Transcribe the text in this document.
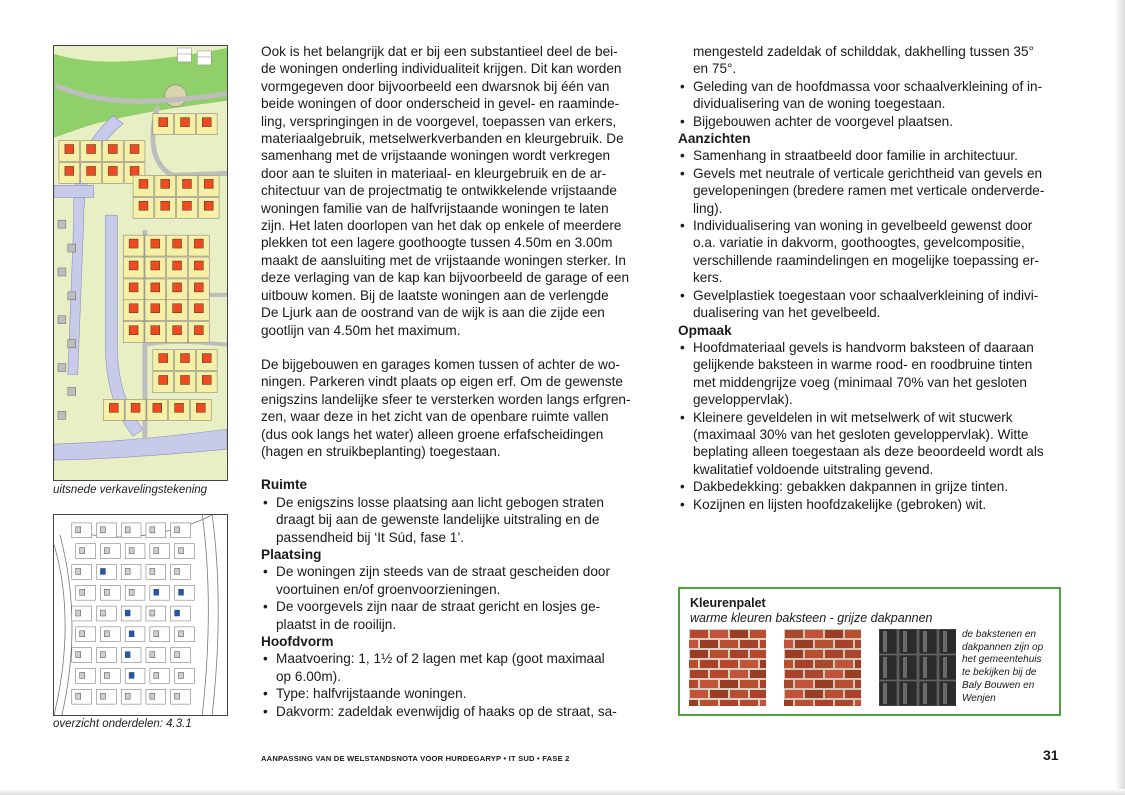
uitsnede verkavelingstekening
overzicht onderdelen: 4.3.1

Ook is het belangrijk dat er bij een substantieel deel de bei-
de woningen onderling individualiteit krijgen. Dit kan worden
vormgegeven door bijvoorbeeld een dwarsnok bij één van
beide woningen of door onderscheid in gevel- en raaminde-
ling, verspringingen in de voorgevel, toepassen van erkers,
materiaalgebruik, metselwerkverbanden en kleurgebruik. De
samenhang met de vrijstaande woningen wordt verkregen
door aan te sluiten in materiaal- en kleurgebruik en de ar-
chitectuur van de projectmatig te ontwikkelende vrijstaande
woningen familie van de halfvrijstaande woningen te laten
zijn. Het laten doorlopen van het dak op enkele of meerdere
plekken tot een lagere goothoogte tussen 4.50m en 3.00m
maakt de aansluiting met de vrijstaande woningen sterker. In
deze verlaging van de kap kan bijvoorbeeld de garage of een
uitbouw komen. Bij de laatste woningen aan de verlengde
De Ljurk aan de oostrand van de wijk is aan die zijde een
gootlijn van 4.50m het maximum.

De bijgebouwen en garages komen tussen of achter de wo-
ningen. Parkeren vindt plaats op eigen erf. Om de gewenste
enigszins landelijke sfeer te versterken worden langs erfgren-
zen, waar deze in het zicht van de openbare ruimte vallen
(dus ook langs het water) alleen groene erfafscheidingen
(hagen en struikbeplanting) toegestaan.

Ruimte
• De enigszins losse plaatsing aan licht gebogen straten
draagt bij aan de gewenste landelijke uitstraling en de
passendheid bij ‘It Súd, fase 1’.
Plaatsing
• De woningen zijn steeds van de straat gescheiden door
voortuinen en/of groenvoorzieningen.
• De voorgevels zijn naar de straat gericht en losjes ge-
plaatst in de rooilijn.
Hoofdvorm
• Maatvoering: 1, 1½ of 2 lagen met kap (goot maximaal
op 6.00m).
• Type: halfvrijstaande woningen.
• Dakvorm: zadeldak evenwijdig of haaks op de straat, sa-
mengesteld zadeldak of schilddak, dakhelling tussen 35°
en 75°.
• Geleding van de hoofdmassa voor schaalverkleining of in-
dividualisering van de woning toegestaan.
• Bijgebouwen achter de voorgevel plaatsen.
Aanzichten
• Samenhang in straatbeeld door familie in architectuur.
• Gevels met neutrale of verticale gerichtheid van gevels en
gevelopeningen (bredere ramen met verticale onderverde-
ling).
• Individualisering van woning in gevelbeeld gewenst door
o.a. variatie in dakvorm, goothoogtes, gevelcompositie,
verschillende raamindelingen en mogelijke toepassing er-
kers.
• Gevelplastiek toegestaan voor schaalverkleining of indivi-
dualisering van het gevelbeeld.
Opmaak
• Hoofdmateriaal gevels is handvorm baksteen of daaraan
gelijkende baksteen in warme rood- en roodbruine tinten
met middengrijze voeg (minimaal 70% van het gesloten
geveloppervlak).
• Kleinere geveldelen in wit metselwerk of wit stucwerk
(maximaal 30% van het gesloten geveloppervlak). Witte
beplating alleen toegestaan als deze beoordeeld wordt als
kwalitatief voldoende uitstraling gevend.
• Dakbedekking: gebakken dakpannen in grijze tinten.
• Kozijnen en lijsten hoofdzakelijke (gebroken) wit.
Kleurenpalet
warme kleuren baksteen - grijze dakpannen
de bakstenen en
dakpannen zijn op
het gemeentehuis
te bekijken bij de
Baly Bouwen en
Wenjen
AANPASSING VAN DE WELSTANDSNOTA VOOR HURDEGARYP • IT SUD • FASE 2	31
